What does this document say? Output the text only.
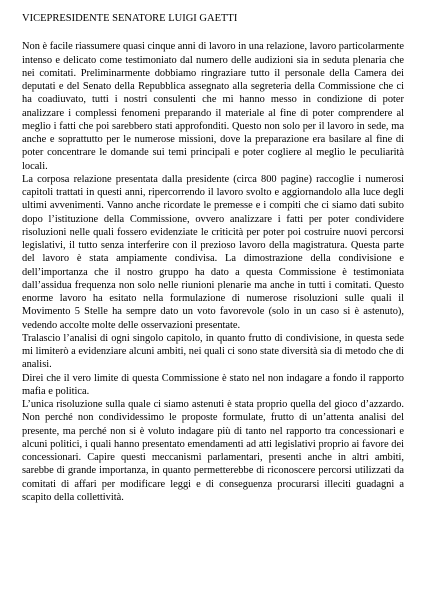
VICEPRESIDENTE SENATORE LUIGI GAETTI

Non è facile riassumere quasi cinque anni di lavoro in una relazione, lavoro particolarmente intenso e delicato come testimoniato dal numero delle audizioni sia in seduta plenaria che nei comitati. Preliminarmente dobbiamo ringraziare tutto il personale della Camera dei deputati e del Senato della Repubblica assegnato alla segreteria della Commissione che ci ha coadiuvato, tutti i nostri consulenti che mi hanno messo in condizione di poter analizzare i complessi fenomeni preparando il materiale al fine di poter comprendere al meglio i fatti che poi sarebbero stati approfonditi. Questo non solo per il lavoro in sede, ma anche e soprattutto per le numerose missioni, dove la preparazione era basilare al fine di poter concentrare le domande sui temi principali e poter cogliere al meglio le peculiarità locali.

La corposa relazione presentata dalla presidente (circa 800 pagine) raccoglie i numerosi capitoli trattati in questi anni, ripercorrendo il lavoro svolto e aggiornandolo alla luce degli ultimi avvenimenti. Vanno anche ricordate le premesse e i compiti che ci siamo dati subito dopo l’istituzione della Commissione, ovvero analizzare i fatti per poter condividere risoluzioni nelle quali fossero evidenziate le criticità per poter poi costruire nuovi percorsi legislativi, il tutto senza interferire con il prezioso lavoro della magistratura. Questa parte del lavoro è stata ampiamente condivisa. La dimostrazione della condivisione e dell’importanza che il nostro gruppo ha dato a questa Commissione è testimoniata dall’assidua frequenza non solo nelle riunioni plenarie ma anche in tutti i comitati. Questo enorme lavoro ha esitato nella formulazione di numerose risoluzioni sulle quali il Movimento 5 Stelle ha sempre dato un voto favorevole (solo in un caso si è astenuto), vedendo accolte molte delle osservazioni presentate.

Tralascio l’analisi di ogni singolo capitolo, in quanto frutto di condivisione, in questa sede mi limiterò a evidenziare alcuni ambiti, nei quali ci sono state diversità sia di metodo che di analisi.

Direi che il vero limite di questa Commissione è stato nel non indagare a fondo il rapporto mafia e politica.

L’unica risoluzione sulla quale ci siamo astenuti è stata proprio quella del gioco d’azzardo. Non perché non condividessimo le proposte formulate, frutto di un’attenta analisi del presente, ma perché non si è voluto indagare più di tanto nel rapporto tra concessionari e alcuni politici, i quali hanno presentato emendamenti ad atti legislativi proprio ai favore dei concessionari. Capire questi meccanismi parlamentari, presenti anche in altri ambiti, sarebbe di grande importanza, in quanto permetterebbe di riconoscere percorsi utilizzati da comitati di affari per modificare leggi e di conseguenza procurarsi illeciti guadagni a scapito della collettività.
